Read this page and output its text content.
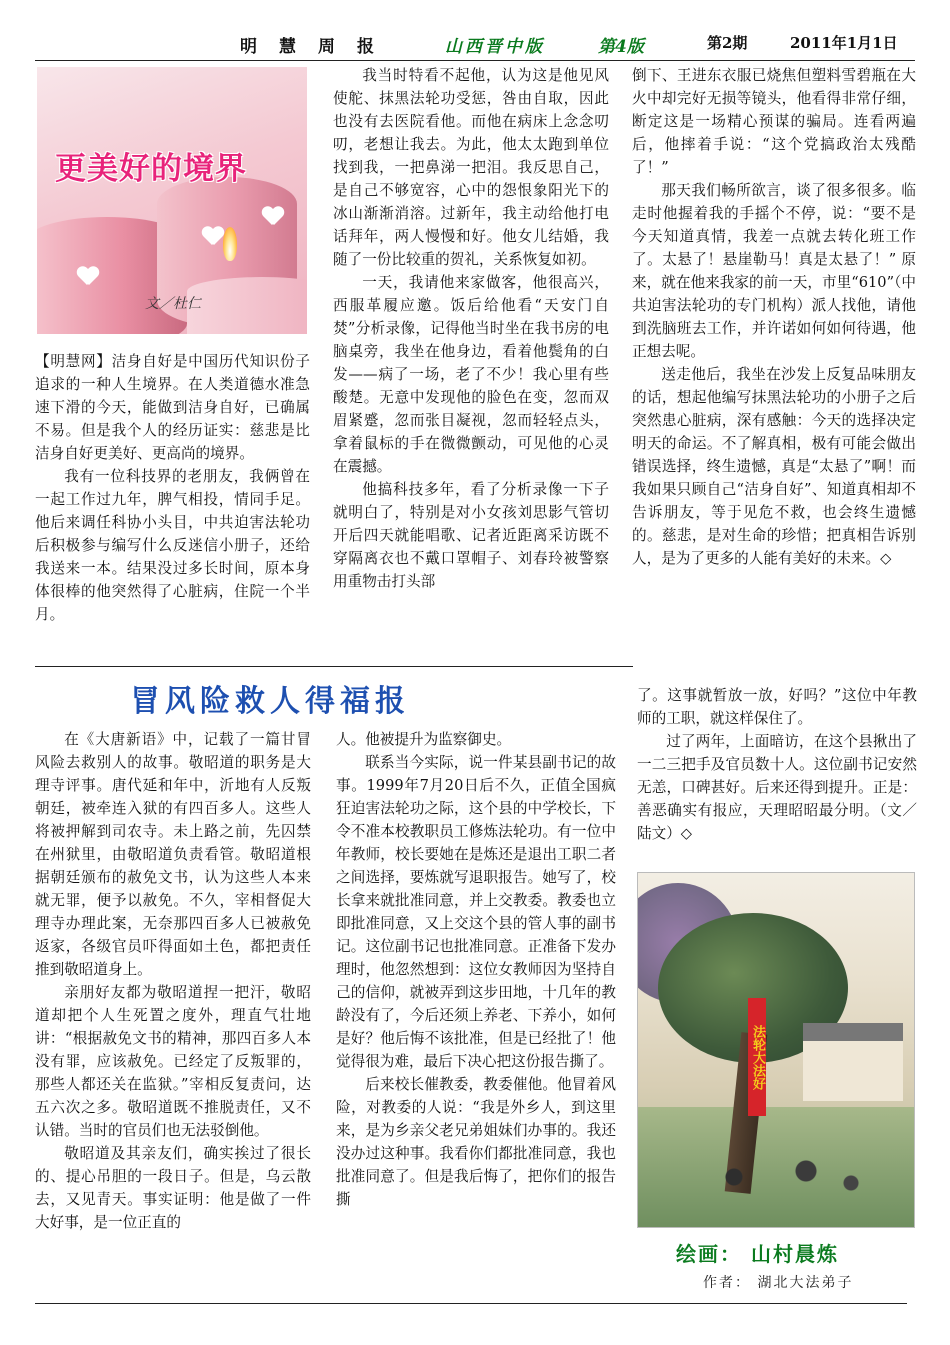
明慧周报	山西晋中版	第4版	第2期	2011年1月1日
更美好的境界
文／杜仁

【明慧网】洁身自好是中国历代知识份子追求的一种人生境界。在人类道德水准急速下滑的今天，能做到洁身自好，已确属不易。但是我个人的经历证实：慈悲是比洁身自好更美好、更高尚的境界。

我有一位科技界的老朋友，我俩曾在一起工作过九年，脾气相投，情同手足。他后来调任科协小头目，中共迫害法轮功后积极参与编写什么反迷信小册子，还给我送来一本。结果没过多长时间，原本身体很棒的他突然得了心脏病，住院一个半月。

我当时特看不起他，认为这是他见风使舵、抹黑法轮功受惩，咎由自取，因此也没有去医院看他。而他在病床上念念叨叨，老想让我去。为此，他太太跑到单位找到我，一把鼻涕一把泪。我反思自己，是自己不够宽容，心中的怨恨象阳光下的冰山渐渐消溶。过新年，我主动给他打电话拜年，两人慢慢和好。他女儿结婚，我随了一份比较重的贺礼，关系恢复如初。

一天，我请他来家做客，他很高兴，西服革履应邀。饭后给他看“天安门自焚”分析录像，记得他当时坐在我书房的电脑桌旁，我坐在他身边，看着他鬓角的白发——病了一场，老了不少！我心里有些酸楚。无意中发现他的脸色在变，忽而双眉紧蹙，忽而张目凝视，忽而轻轻点头，拿着鼠标的手在微微颤动，可见他的心灵在震撼。

他搞科技多年，看了分析录像一下子就明白了，特别是对小女孩刘思影气管切开后四天就能唱歌、记者近距离采访既不穿隔离衣也不戴口罩帽子、刘春玲被警察用重物击打头部

倒下、王进东衣服已烧焦但塑料雪碧瓶在大火中却完好无损等镜头，他看得非常仔细，断定这是一场精心预谋的骗局。连看两遍后，他摔着手说：“这个党搞政治太残酷了！”

那天我们畅所欲言，谈了很多很多。临走时他握着我的手摇个不停，说：“要不是今天知道真情，我差一点就去转化班工作了。太悬了！悬崖勒马！真是太悬了！” 原来，就在他来我家的前一天，市里“610”（中共迫害法轮功的专门机构）派人找他，请他到洗脑班去工作，并许诺如何如何待遇，他正想去呢。

送走他后，我坐在沙发上反复品味朋友的话，想起他编写抹黑法轮功的小册子之后突然患心脏病，深有感触：今天的选择决定明天的命运。不了解真相，极有可能会做出错误选择，终生遗憾，真是“太悬了”啊！而我如果只顾自己“洁身自好”、知道真相却不告诉朋友，等于见危不救，也会终生遗憾的。慈悲，是对生命的珍惜；把真相告诉别人，是为了更多的人能有美好的未来。◇

冒风险救人得福报

在《大唐新语》中，记载了一篇甘冒风险去救别人的故事。敬昭道的职务是大理寺评事。唐代延和年中，沂地有人反叛朝廷，被牵连入狱的有四百多人。这些人将被押解到司农寺。未上路之前，先囚禁在州狱里，由敬昭道负责看管。敬昭道根据朝廷颁布的赦免文书，认为这些人本来就无罪，便予以赦免。不久，宰相督促大理寺办理此案，无奈那四百多人已被赦免返家，各级官员吓得面如土色，都把责任推到敬昭道身上。

亲朋好友都为敬昭道捏一把汗，敬昭道却把个人生死置之度外，理直气壮地讲：“根据赦免文书的精神，那四百多人本没有罪，应该赦免。已经定了反叛罪的，那些人都还关在监狱。”宰相反复责问，达五六次之多。敬昭道既不推脱责任，又不认错。当时的官员们也无法驳倒他。

敬昭道及其亲友们，确实挨过了很长的、提心吊胆的一段日子。但是，乌云散去，又见青天。事实证明：他是做了一件大好事，是一位正直的

人。他被提升为监察御史。

联系当今实际，说一件某县副书记的故事。1999年7月20日后不久，正值全国疯狂迫害法轮功之际，这个县的中学校长，下令不准本校教职员工修炼法轮功。有一位中年教师，校长要她在是炼还是退出工职二者之间选择，要炼就写退职报告。她写了，校长拿来就批准同意，并上交教委。教委也立即批准同意，又上交这个县的管人事的副书记。这位副书记也批准同意。正准备下发办理时，他忽然想到：这位女教师因为坚持自己的信仰，就被弄到这步田地，十几年的教龄没有了，今后还须上养老、下养小，如何是好？他后悔不该批准，但是已经批了！他觉得很为难，最后下决心把这份报告撕了。

后来校长催教委，教委催他。他冒着风险，对教委的人说：“我是外乡人，到这里来，是为乡亲父老兄弟姐妹们办事的。我还没办过这种事。我看你们都批准同意，我也批准同意了。但是我后悔了，把你们的报告撕

了。这事就暂放一放，好吗？”这位中年教师的工职，就这样保住了。

过了两年，上面暗访，在这个县揪出了一二三把手及官员数十人。这位副书记安然无恙，口碑甚好。后来还得到提升。正是：善恶确实有报应，天理昭昭最分明。（文／陆文）◇

法轮大法好
绘画： 山村晨炼
作者： 湖北大法弟子
